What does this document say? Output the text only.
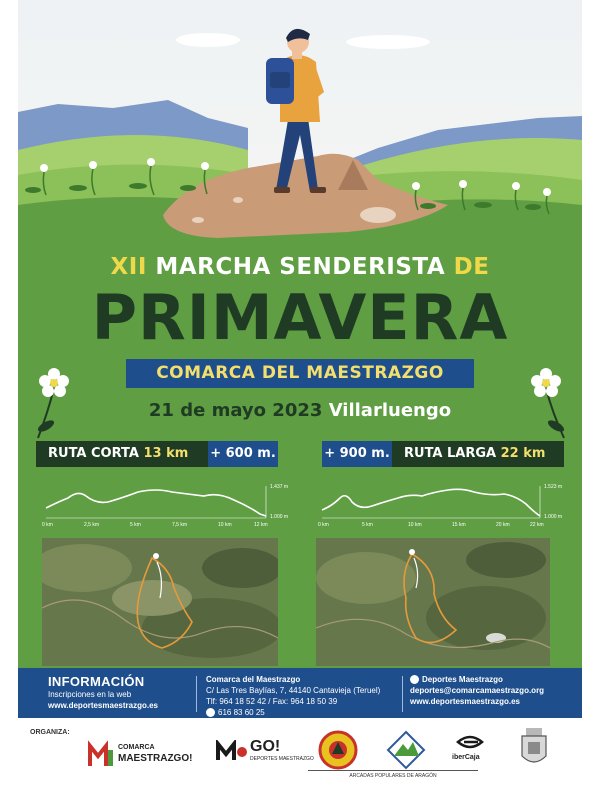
XII MARCHA SENDERISTA DE
PRIMAVERA
COMARCA DEL MAESTRAZGO
21 de mayo 2023 Villarluengo
RUTA CORTA 13 km	+ 600 m.	+ 900 m.	RUTA LARGA 22 km
1.437 m
1.000 m
0 km	2,5 km	5 km	7,5 km	10 km	12 km
1.523 m
1.000 m
0 km	5 km	10 km	15 km	20 km	22 km
INFORMACIÓN
Inscripciones en la web
www.deportesmaestrazgo.es
Comarca del Maestrazgo
C/ Las Tres Baylías, 7, 44140 Cantavieja (Teruel)
Tlf: 964 18 52 42 / Fax: 964 18 50 39
616 83 60 25
Deportes Maestrazgo
deportes@comarcamaestrazgo.org
www.deportesmaestrazgo.es
ORGANIZA:
COMARCA
MAESTRAZGO!
GO!
DEPORTES MAESTRAZGO	iberCaja
ARCADAS POPULARES DE ARAGÓN
